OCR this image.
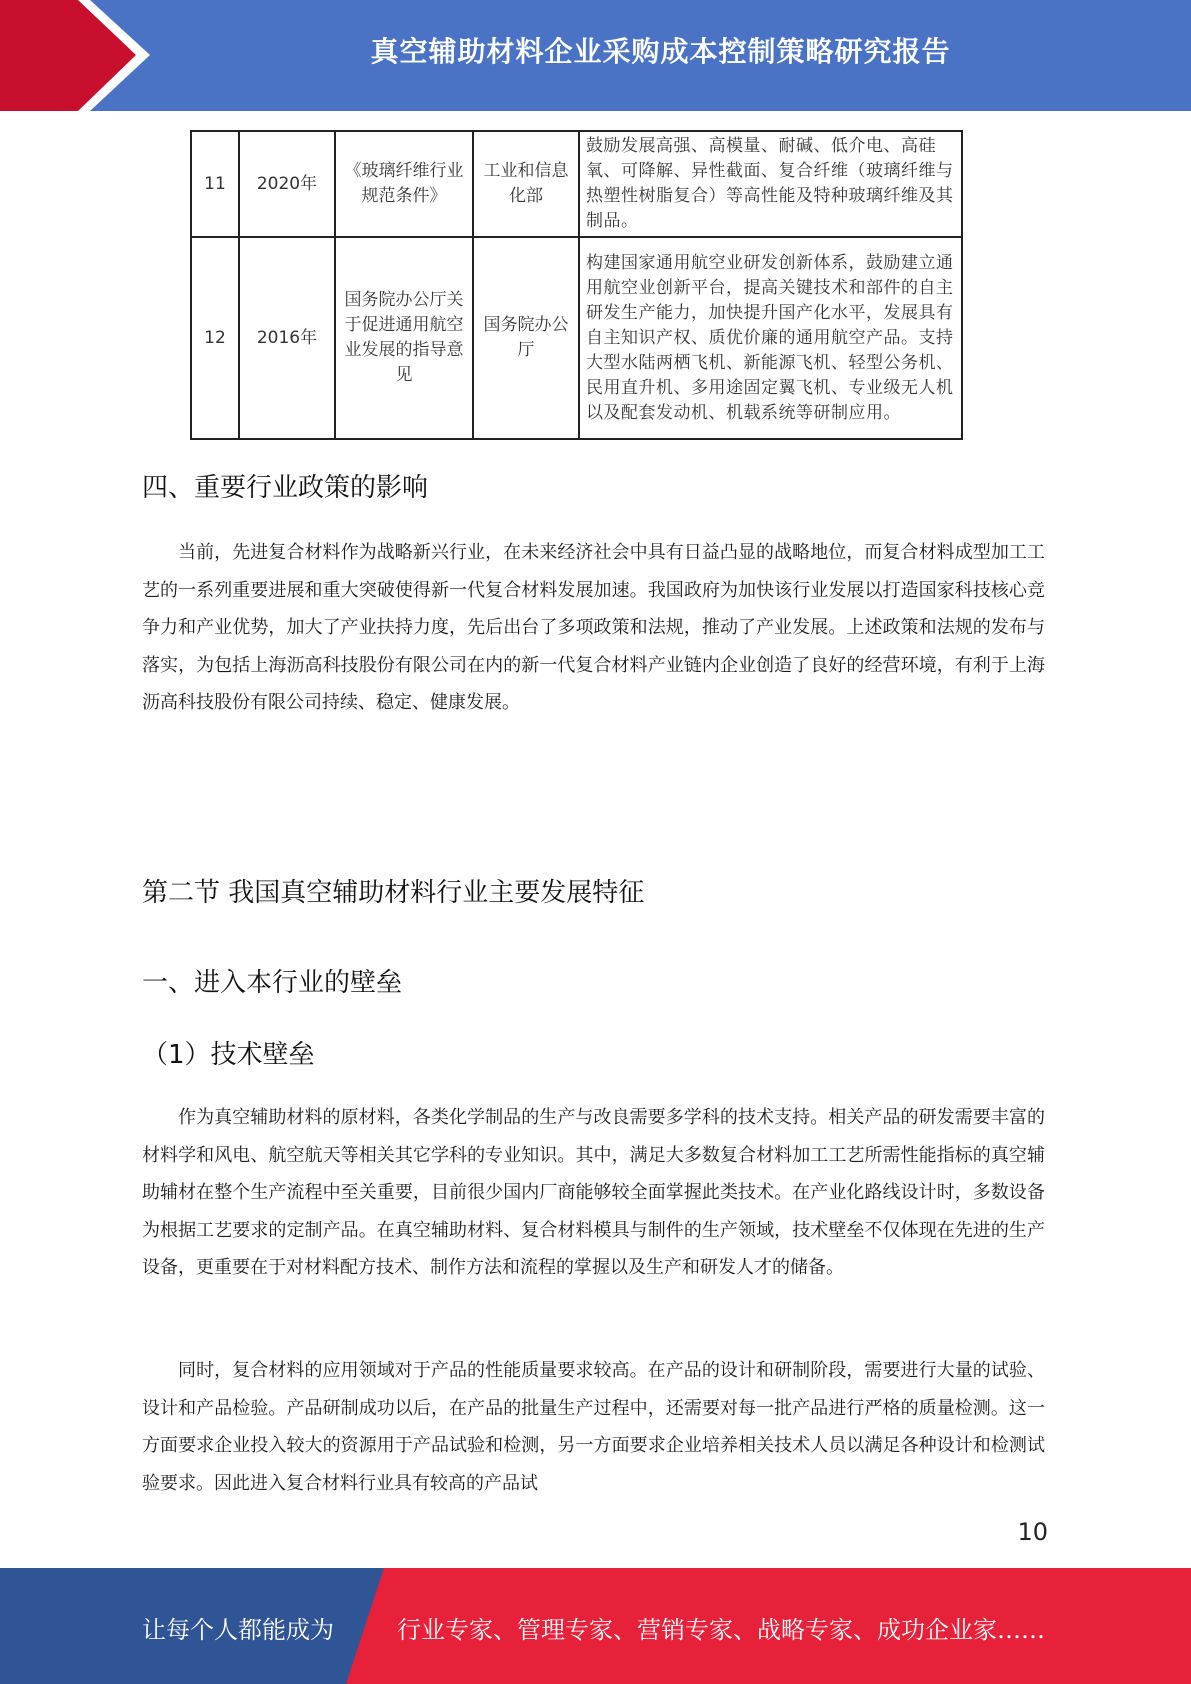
真空辅助材料企业采购成本控制策略研究报告
11	2020年	《玻璃纤维行业规范条件》	工业和信息化部	鼓励发展高强、高模量、耐碱、低介电、高硅氧、可降解、异性截面、复合纤维（玻璃纤维与热塑性树脂复合）等高性能及特种玻璃纤维及其制品。
12	2016年	国务院办公厅关于促进通用航空业发展的指导意见	国务院办公厅	构建国家通用航空业研发创新体系，鼓励建立通用航空业创新平台，提高关键技术和部件的自主研发生产能力，加快提升国产化水平，发展具有自主知识产权、质优价廉的通用航空产品。支持大型水陆两栖飞机、新能源飞机、轻型公务机、民用直升机、多用途固定翼飞机、专业级无人机以及配套发动机、机载系统等研制应用。
四、重要行业政策的影响

当前，先进复合材料作为战略新兴行业，在未来经济社会中具有日益凸显的战略地位，而复合材料成型加工工艺的一系列重要进展和重大突破使得新一代复合材料发展加速。我国政府为加快该行业发展以打造国家科技核心竞争力和产业优势，加大了产业扶持力度，先后出台了多项政策和法规，推动了产业发展。上述政策和法规的发布与落实，为包括上海沥高科技股份有限公司在内的新一代复合材料产业链内企业创造了良好的经营环境，有利于上海沥高科技股份有限公司持续、稳定、健康发展。

第二节 我国真空辅助材料行业主要发展特征
一、进入本行业的壁垒
（1）技术壁垒

作为真空辅助材料的原材料，各类化学制品的生产与改良需要多学科的技术支持。相关产品的研发需要丰富的材料学和风电、航空航天等相关其它学科的专业知识。其中，满足大多数复合材料加工工艺所需性能指标的真空辅助辅材在整个生产流程中至关重要，目前很少国内厂商能够较全面掌握此类技术。在产业化路线设计时，多数设备为根据工艺要求的定制产品。在真空辅助材料、复合材料模具与制件的生产领域，技术壁垒不仅体现在先进的生产设备，更重要在于对材料配方技术、制作方法和流程的掌握以及生产和研发人才的储备。

同时，复合材料的应用领域对于产品的性能质量要求较高。在产品的设计和研制阶段，需要进行大量的试验、设计和产品检验。产品研制成功以后，在产品的批量生产过程中，还需要对每一批产品进行严格的质量检测。这一方面要求企业投入较大的资源用于产品试验和检测，另一方面要求企业培养相关技术人员以满足各种设计和检测试验要求。因此进入复合材料行业具有较高的产品试

10
让每个人都能成为	行业专家、管理专家、营销专家、战略专家、成功企业家……
